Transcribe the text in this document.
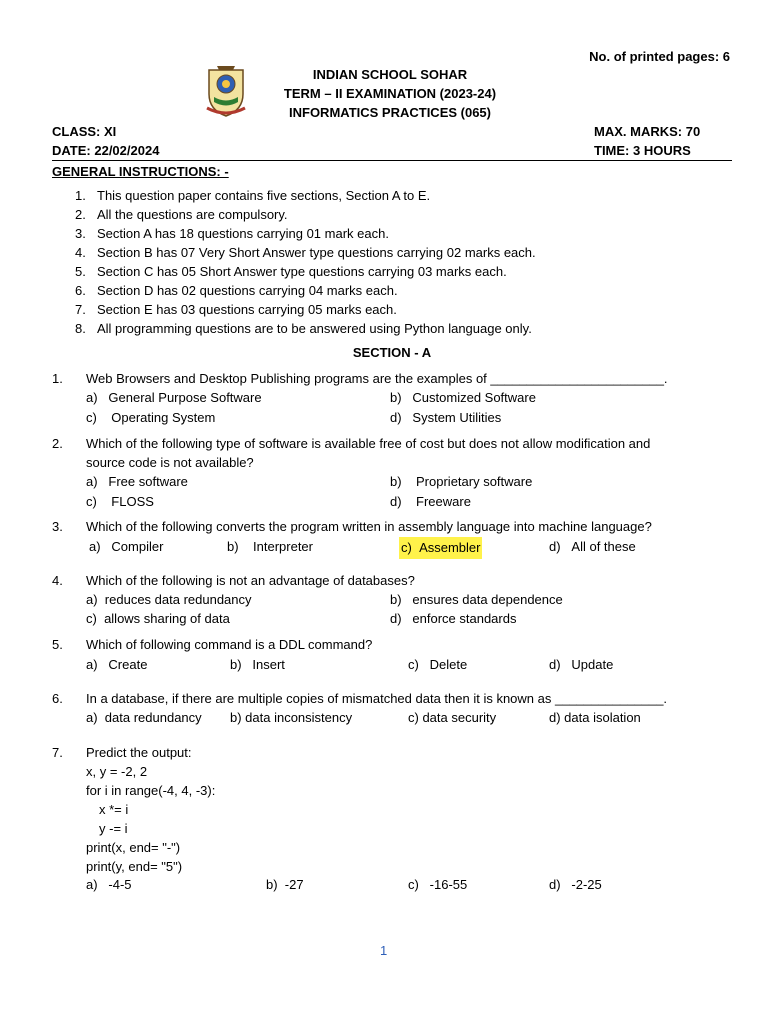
No. of printed pages: 6
INDIAN SCHOOL SOHAR
TERM – II EXAMINATION (2023-24)
INFORMATICS PRACTICES (065)
CLASS: XI	MAX. MARKS: 70
DATE: 22/02/2024	TIME: 3 HOURS
GENERAL INSTRUCTIONS: -
1. This question paper contains five sections, Section A to E.
2. All the questions are compulsory.
3. Section A has 18 questions carrying 01 mark each.
4. Section B has 07 Very Short Answer type questions carrying 02 marks each.
5. Section C has 05 Short Answer type questions carrying 03 marks each.
6. Section D has 02 questions carrying 04 marks each.
7. Section E has 03 questions carrying 05 marks each.
8. All programming questions are to be answered using Python language only.
SECTION - A
1. Web Browsers and Desktop Publishing programs are the examples of ________________________.
a)   General Purpose Software	b)   Customized Software
c)    Operating System	d)   System Utilities
2. Which of the following type of software is available free of cost but does not allow modification and
source code is not available?
a)   Free software	b)    Proprietary software
c)    FLOSS	d)    Freeware
3. Which of the following converts the program written in assembly language into machine language?
a)   Compiler	b)    Interpreter	c)  Assembler	d)   All of these
4. Which of the following is not an advantage of databases?
a)  reduces data redundancy	b)   ensures data dependence
c)  allows sharing of data	d)   enforce standards
5. Which of following command is a DDL command?
a)   Create	b)   Insert	c)   Delete	d)   Update
6. In a database, if there are multiple copies of mismatched data then it is known as _______________.
a)  data redundancy b) data inconsistency	c) data security	d) data isolation
7. Predict the output:
x, y = -2, 2
for i in range(-4, 4, -3):
x *= i
y -= i
print(x, end= "-")
print(y, end= "5")
a)   -4-5	b)  -27	c)   -16-55	d)   -2-25
1
